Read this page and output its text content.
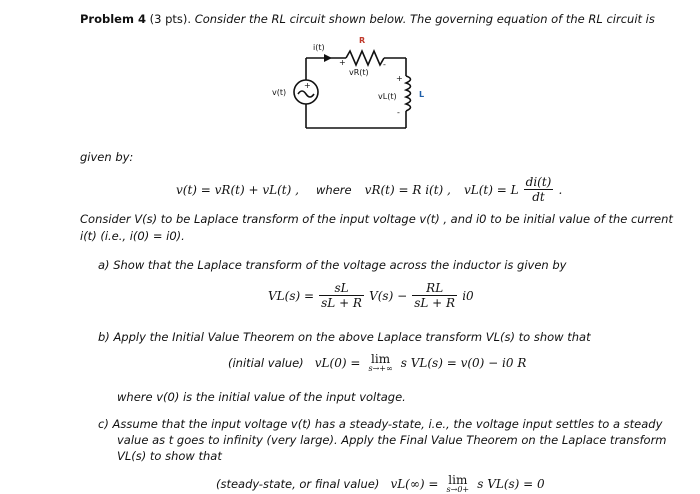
Problem 4 (3 pts). Consider the RL circuit shown below. The governing equation of the RL circuit is
i(t)
R
+
vR(t)
-
+
v(t)
+
vL(t)	L
-
given by:
v(t) = vR(t) + vL(t) , where vR(t) = R i(t) , vL(t) = L $\frac{di(t)}{dt}$ .
Consider V(s) to be Laplace transform of the input voltage v(t) , and i0 to be initial value of the current
i(t) (i.e., i(0) = i0).
a) Show that the Laplace transform of the voltage across the inductor is given by
$VL(s) = \frac{sL}{sL + R} V(s) - \frac{RL}{sL + R} i0$
b) Apply the Initial Value Theorem on the above Laplace transform VL(s) to show that
(initial value) vL(0) = lim
s→+∞ s VL(s) = v(0) − i0 R
where v(0) is the initial value of the input voltage.
c) Assume that the input voltage v(t) has a steady-state, i.e., the voltage input settles to a steady
value as t goes to infinity (very large). Apply the Final Value Theorem on the Laplace transform
VL(s) to show that
(steady-state, or final value) vL(∞) = lim
s→0+ s VL(s) = 0
